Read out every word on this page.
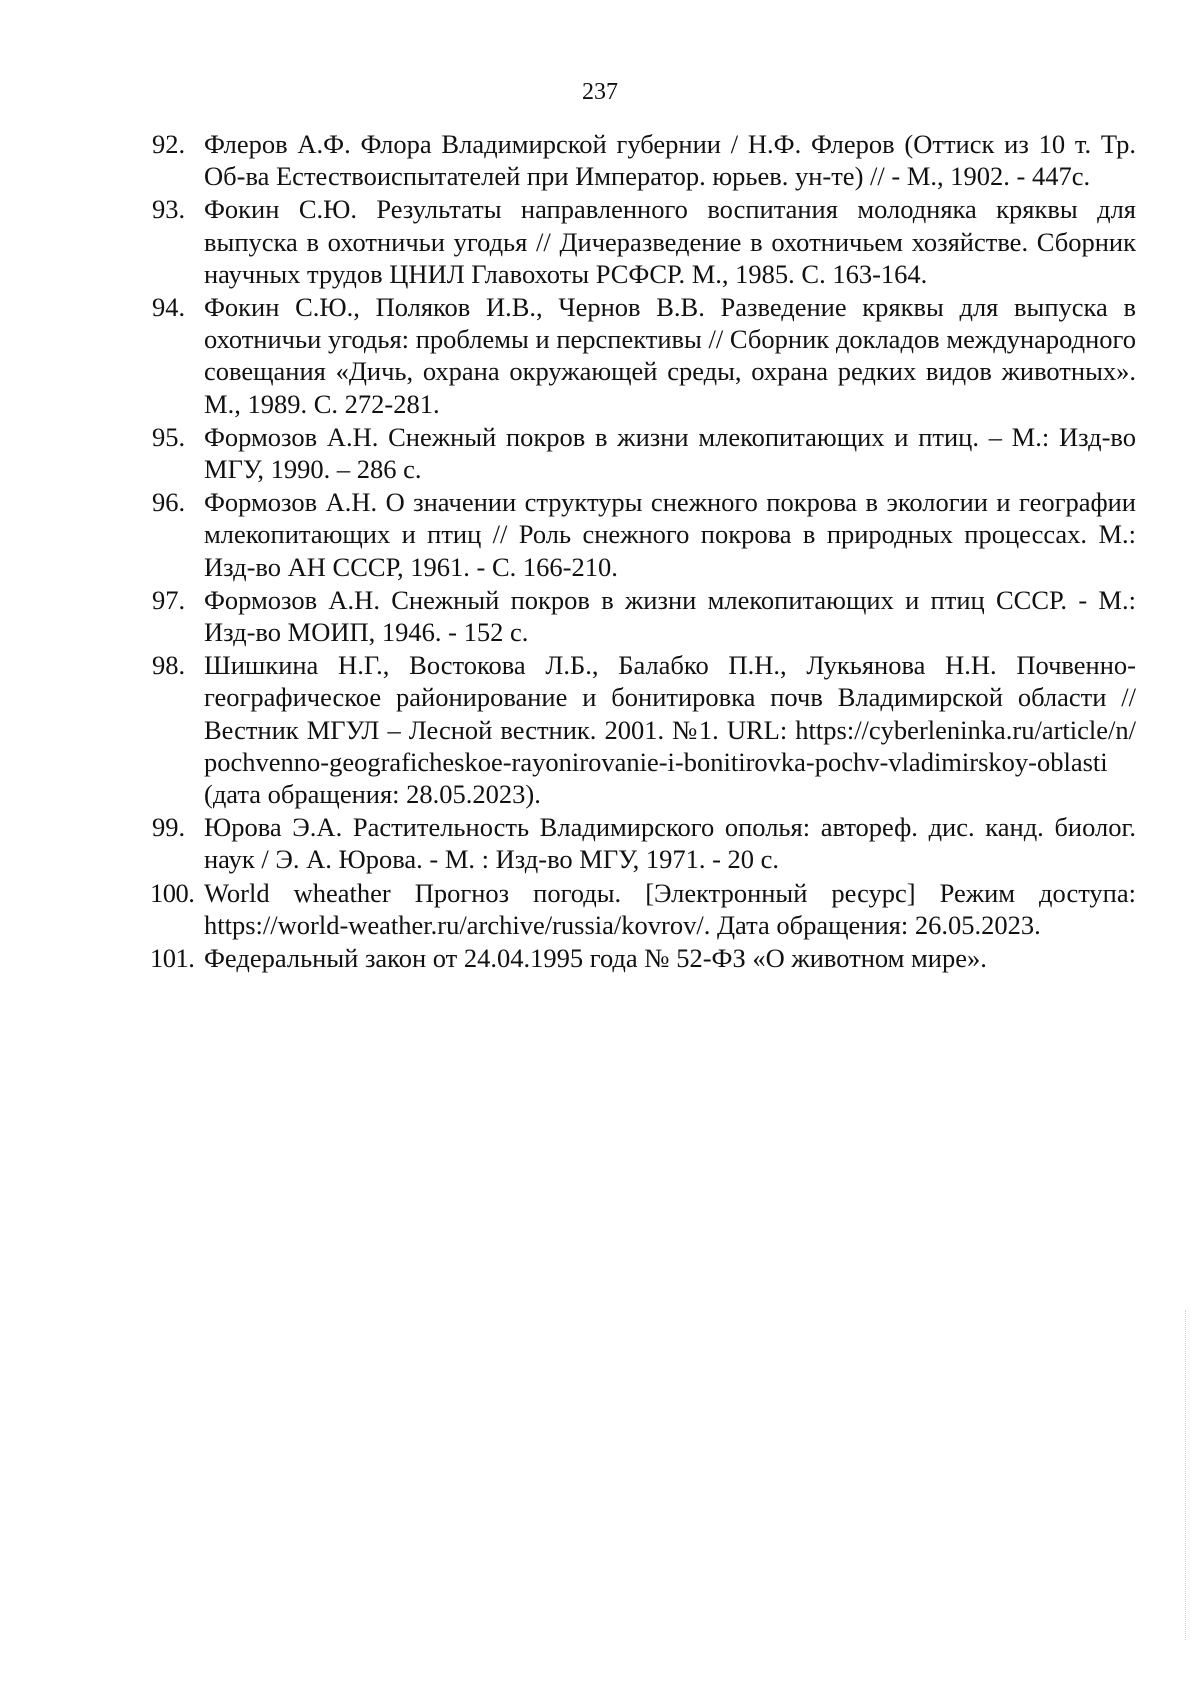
237
92. Флеров А.Ф. Флора Владимирской губернии / Н.Ф. Флеров (Оттиск из 10 т. Тр. Об-ва Естествоиспытателей при Император. юрьев. ун-те) // - М., 1902. - 447с.
93. Фокин С.Ю. Результаты направленного воспитания молодняка кряквы для выпуска в охотничьи угодья // Дичеразведение в охотничьем хозяйстве. Сборник научных трудов ЦНИЛ Главохоты РСФСР. М., 1985. С. 163-164.
94. Фокин С.Ю., Поляков И.В., Чернов В.В. Разведение кряквы для выпуска в охотничьи угодья: проблемы и перспективы // Сборник докладов международного совещания «Дичь, охрана окружающей среды, охрана редких видов животных». М., 1989. С. 272-281.
95. Формозов А.Н. Снежный покров в жизни млекопитающих и птиц. – М.: Изд-во МГУ, 1990. – 286 с.
96. Формозов А.Н. О значении структуры снежного покрова в экологии и географии млекопитающих и птиц // Роль снежного покрова в природных процессах. М.: Изд-во АН СССР, 1961. - С. 166-210.
97. Формозов А.Н. Снежный покров в жизни млекопитающих и птиц СССР. - М.: Изд-во МОИП, 1946. - 152 с.
98. Шишкина Н.Г., Востокова Л.Б., Балабко П.Н., Лукьянова Н.Н. Почвенно-географическое районирование и бонитировка почв Владимирской области // Вестник МГУЛ – Лесной вестник. 2001. №1. URL: https://cyberleninka.ru/article/n/pochvenno-geograficheskoe-rayonirovanie-i-bonitirovka-pochv-vladimirskoy-oblasti (дата обращения: 28.05.2023).
99. Юрова Э.А. Растительность Владимирского ополья: автореф. дис. канд. биолог. наук / Э. А. Юрова. - М. : Изд-во МГУ, 1971. - 20 с.
100. World wheather Прогноз погоды. [Электронный ресурс] Режим доступа: https://world-weather.ru/archive/russia/kovrov/. Дата обращения: 26.05.2023.
101. Федеральный закон от 24.04.1995 года № 52-ФЗ «О животном мире».
